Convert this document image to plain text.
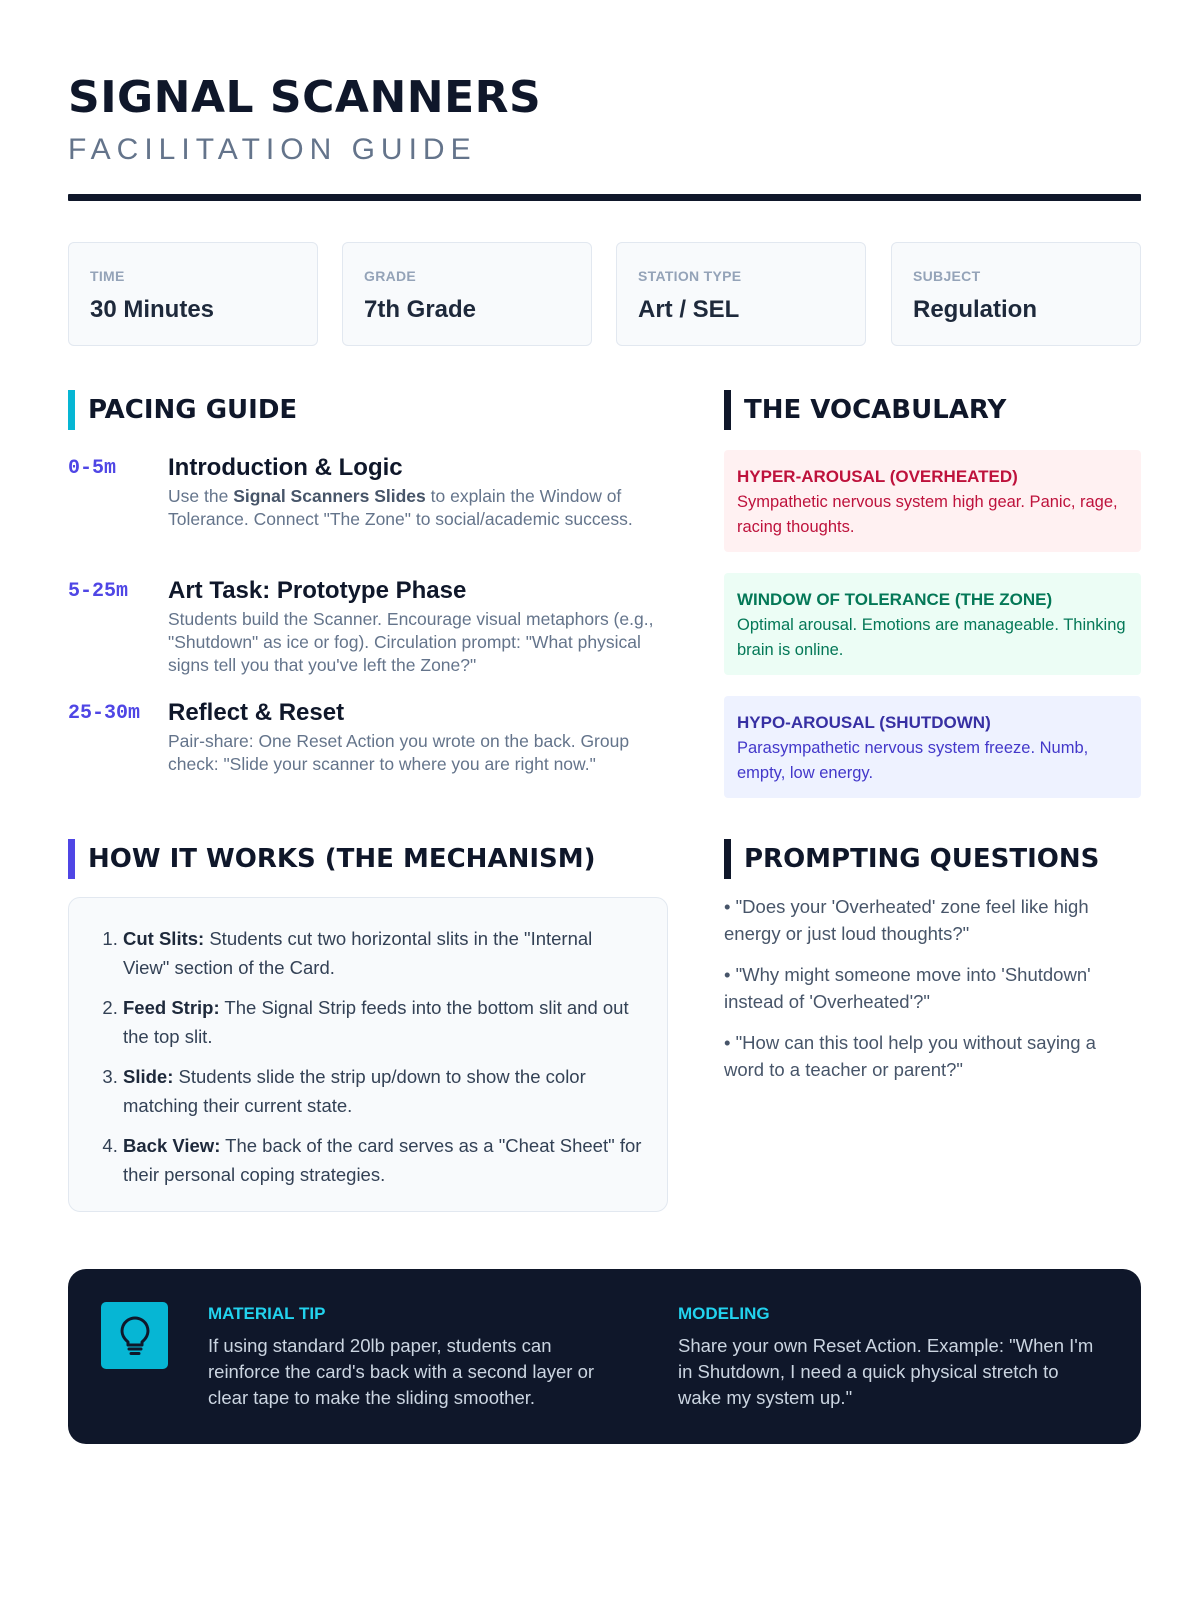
SIGNAL SCANNERS
FACILITATION GUIDE
TIME
30 Minutes
GRADE
7th Grade
STATION TYPE
Art / SEL
SUBJECT
Regulation
PACING GUIDE
0-5m	Introduction & Logic
Use the Signal Scanners Slides to explain the Window of Tolerance. Connect "The Zone" to social/academic success.
5-25m	Art Task: Prototype Phase
Students build the Scanner. Encourage visual metaphors (e.g., "Shutdown" as ice or fog). Circulation prompt: "What physical signs tell you that you've left the Zone?"
25-30m	Reflect & Reset
Pair-share: One Reset Action you wrote on the back. Group check: "Slide your scanner to where you are right now."
THE VOCABULARY
HYPER-AROUSAL (OVERHEATED)
Sympathetic nervous system high gear. Panic, rage, racing thoughts.
WINDOW OF TOLERANCE (THE ZONE)
Optimal arousal. Emotions are manageable. Thinking brain is online.
HYPO-AROUSAL (SHUTDOWN)
Parasympathetic nervous system freeze. Numb, empty, low energy.
HOW IT WORKS (THE MECHANISM)
1. Cut Slits: Students cut two horizontal slits in the "Internal View" section of the Card.
2. Feed Strip: The Signal Strip feeds into the bottom slit and out the top slit.
3. Slide: Students slide the strip up/down to show the color matching their current state.
4. Back View: The back of the card serves as a "Cheat Sheet" for their personal coping strategies.
PROMPTING QUESTIONS
• "Does your 'Overheated' zone feel like high energy or just loud thoughts?"
• "Why might someone move into 'Shutdown' instead of 'Overheated'?"
• "How can this tool help you without saying a word to a teacher or parent?"
MATERIAL TIP
If using standard 20lb paper, students can reinforce the card's back with a second layer or clear tape to make the sliding smoother.
MODELING
Share your own Reset Action. Example: "When I'm in Shutdown, I need a quick physical stretch to wake my system up."
